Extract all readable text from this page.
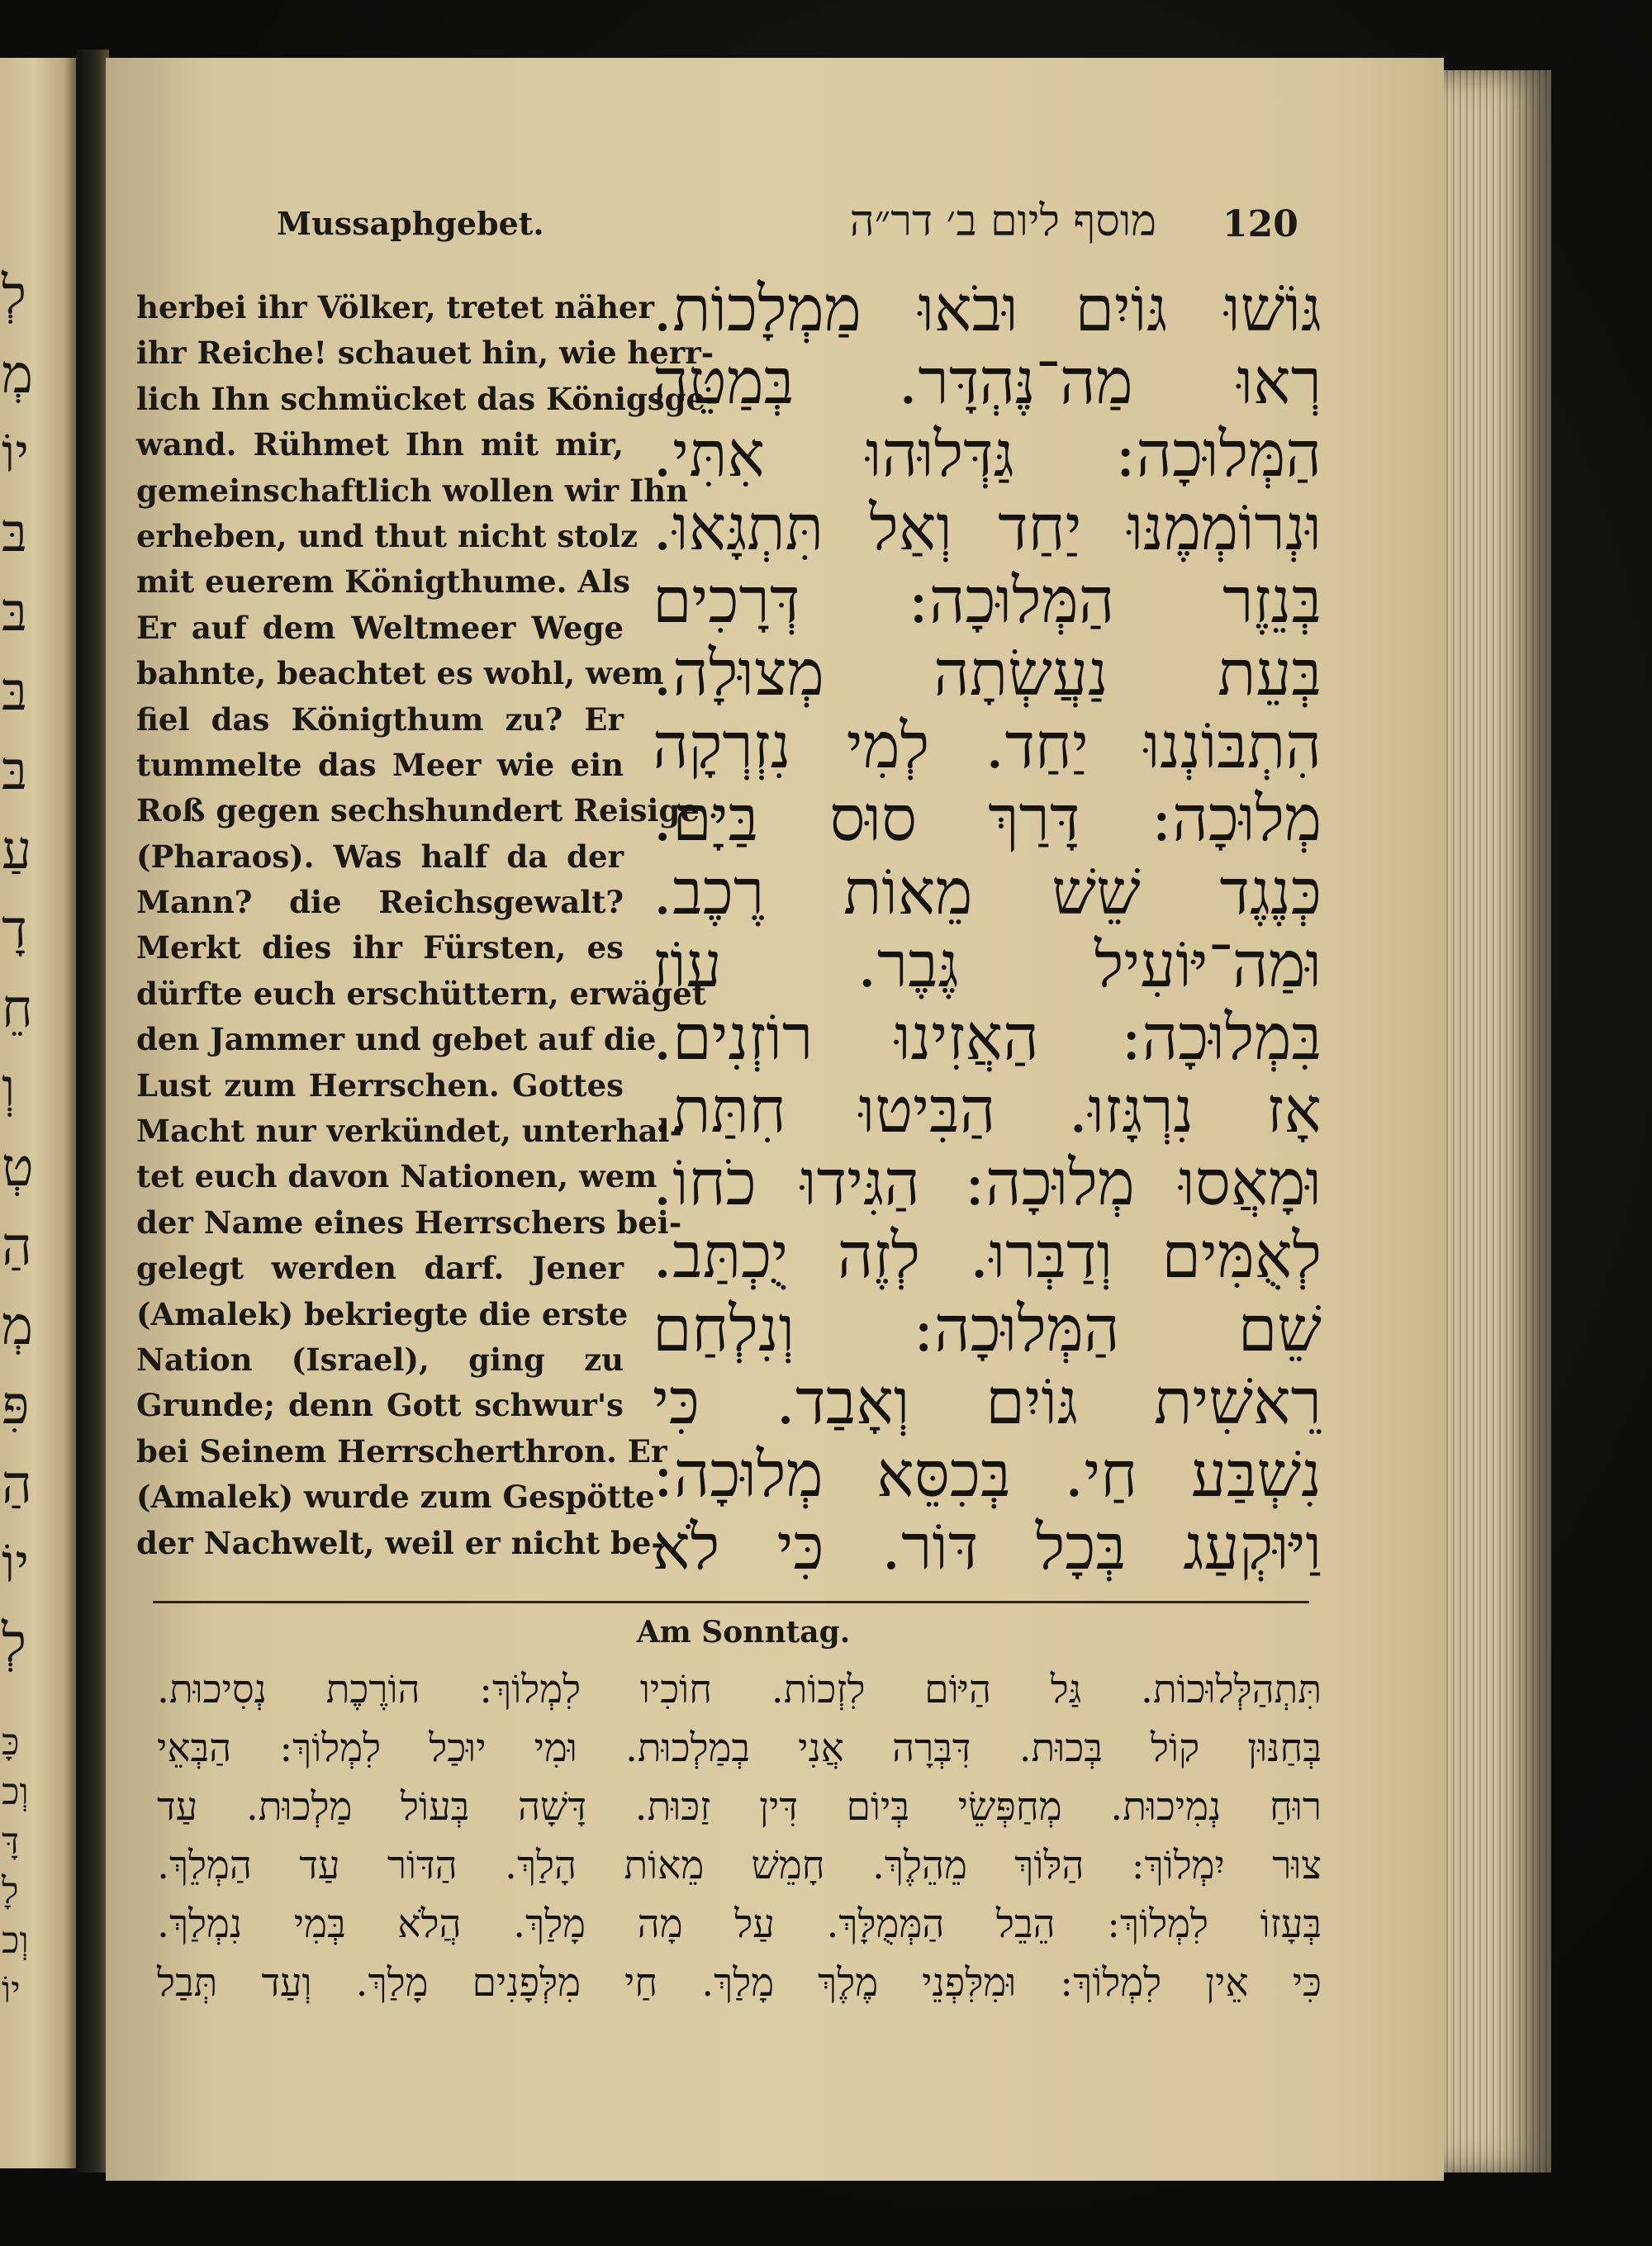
לְ
מְ
יוֹ
בּ
בּ
בּ
בּ
עַ
דָ
חֵ
וְ
טְ
הַ
מְ
פִּ
הַ
יוֹ
לְ
כָּ
וְכ
דָּ
לָ
וְכ
יוֹ
Mussaphgebet.	מוסף ליום ב׳ דר״ה 120
herbei ihr Völker, tretet näher
ihr Reiche! schauet hin, wie herr-
lich Ihn schmücket das Königsge-
wand. Rühmet Ihn mit mir,
gemeinschaftlich wollen wir Ihn
erheben, und thut nicht stolz
mit euerem Königthume. Als
Er auf dem Weltmeer Wege
bahnte, beachtet es wohl, wem
fiel das Königthum zu? Er
tummelte das Meer wie ein
Roß gegen sechshundert Reisige
(Pharaos). Was half da der
Mann? die Reichsgewalt?
Merkt dies ihr Fürsten, es
dürfte euch erschüttern, erwäget
den Jammer und gebet auf die
Lust zum Herrschen. Gottes
Macht nur verkündet, unterhal-
tet euch davon Nationen, wem
der Name eines Herrschers bei-
gelegt werden darf. Jener
(Amalek) bekriegte die erste
Nation (Israel), ging zu
Grunde; denn Gott schwur's
bei Seinem Herrscherthron. Er
(Amalek) wurde zum Gespötte
der Nachwelt, weil er nicht be-
גּוֹשׁוּ גּוֹיִם וּבֹאוּ מַמְלָכוֹת.
רְאוּ מַה־נֶּהְדָּר. בְּמַטֵּה
הַמְּלוּכָה: גַּדְּלוּהוּ אִתִּי.
וּנְרוֹמְמֶנּוּ יַחַד וְאַל תִּתְגָּאוּ.
בְּנֵזֶר הַמְּלוּכָה: דְּרָכִים
בְּעֵת נַעֲשְׂתָה מְצוּלָה.
הִתְבּוֹנְנוּ יַחַד. לְמִי נִזְרְקָה
מְלוּכָה: דָּרַךְ סוּס בַּיָּם.
כְּנֶגֶד שֵׁשׁ מֵאוֹת רֶכֶב.
וּמַה־יּוֹעִיל גֶּבֶר. עוֹז
בִּמְלוּכָה: הַאֲזִינוּ רוֹזְנִים.
אָז נִרְגָּזוּ. הַבִּיטוּ חִתַּת.
וּמָאֲסוּ מְלוּכָה: הַגִּידוּ כֹחוֹ.
לְאֻמִּים וְדַבְּרוּ. לְזֶה יֻכְתַּב.
שֵׁם הַמְּלוּכָה: וְנִלְחַם
רֵאשִׁית גּוֹיִם וְאָבַד. כִּי
נִשְׁבַּע חַי. בְּכִסֵּא מְלוּכָה:
וַיּוּקְעַג בְּכָל דּוֹר. כִּי לֹא
Am Sonntag.
תִּתְהַלְּלוּכוֹת. גַּל הַיּוֹם לִזְכוֹת. חוֹכִיו לִמְלוֹךְ: הוֹרֶכֶת נְסִיכוּת.
בְּחַנּוּן קוֹל בְּכוּת. דִּבְּרָה אֲנִי בְמַלְכוּת. וּמִי יוּכַל לִמְלוֹךְ: הַבְּאֵי
רוּחַ נְמִיכוּת. מְחַפְּשֵׂי בְּיוֹם דִּין זַכּוּת. דָּשָׁה בְּעוֹל מַלְכוּת. עַד
צוּר יִמְלוֹךְ: הַלּוֹךְ מֵהֵלֶךְ. חָמֵשׁ מֵאוֹת הָלַךְ. הַדּוֹר עַד הַמְלֵךְ.
בְּעָזוֹ לִמְלוֹךְ: הֵבֵל הַמְּמֻלָּךְ. עַל מָה מָלַךְ. הֲלֹא בְּמִי נִמְלַךְ.
כִּי אֵין לִמְלוֹךְ: וּמִלִּפְנֵי מֶלֶךְ מָלַךְ. חַי מִלְּפָנִים מָלַךְ. וְעַד תְּבַל
